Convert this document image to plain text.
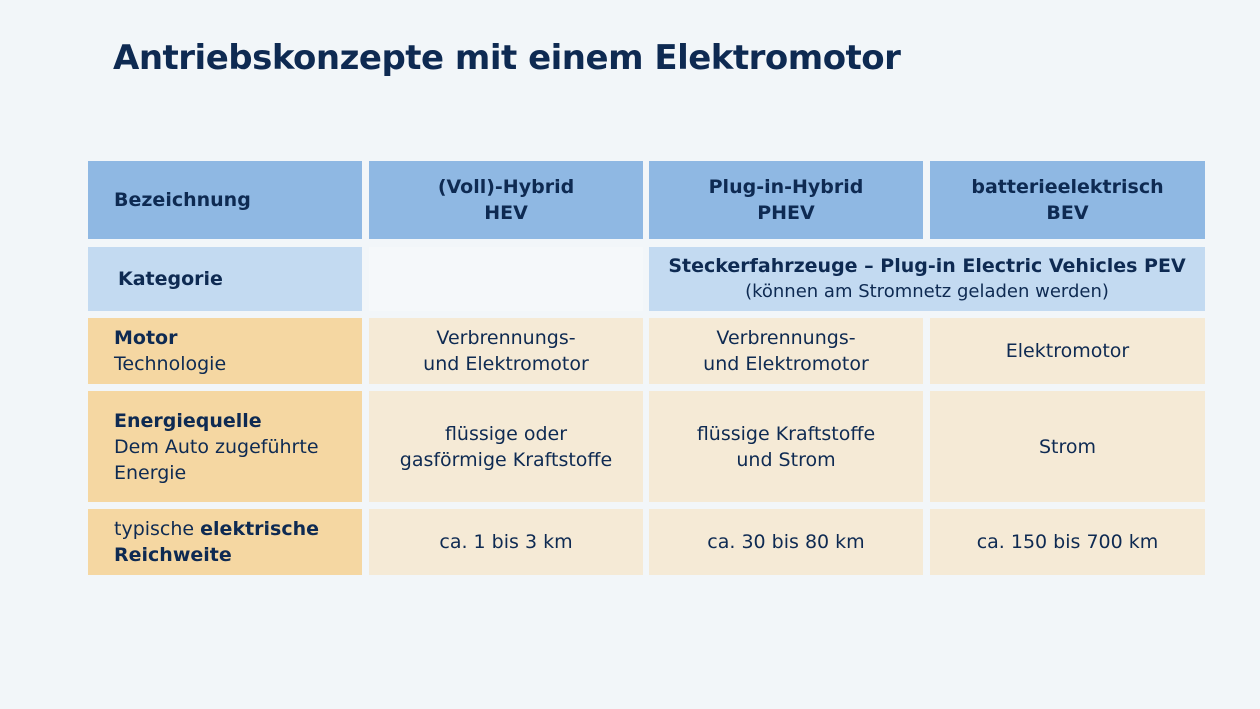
Antriebskonzepte mit einem Elektromotor
Bezeichnung
(Voll)-Hybrid
HEV
Plug-in-Hybrid
PHEV
batterieelektrisch
BEV
Kategorie
Steckerfahrzeuge – Plug-in Electric Vehicles PEV
(können am Stromnetz geladen werden)
Motor
Technologie
Verbrennungs-
und Elektromotor
Verbrennungs-
und Elektromotor
Elektromotor
Energiequelle
Dem Auto zugeführte
Energie
flüssige oder
gasförmige Kraftstoffe
flüssige Kraftstoffe
und Strom
Strom
typische elektrische
Reichweite
ca. 1 bis 3 km	ca. 30 bis 80 km	ca. 150 bis 700 km
